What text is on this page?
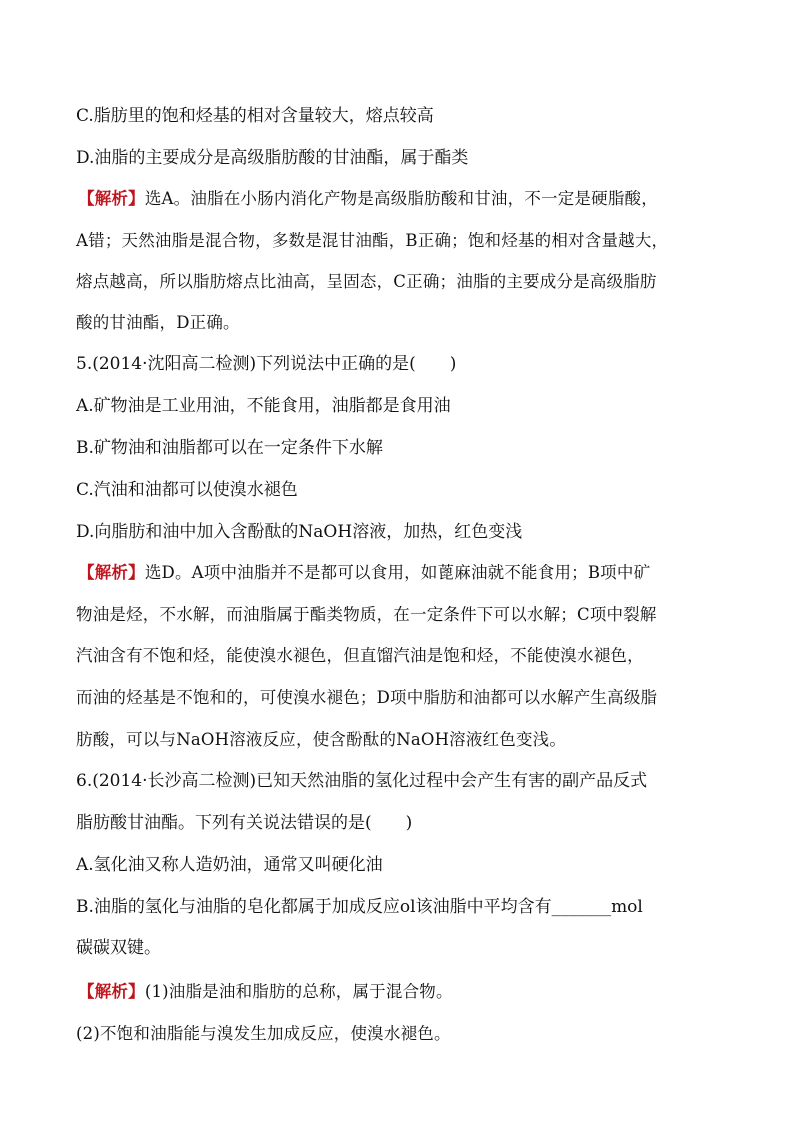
C.脂肪里的饱和烃基的相对含量较大，熔点较高
D.油脂的主要成分是高级脂肪酸的甘油酯，属于酯类
【解析】选A。油脂在小肠内消化产物是高级脂肪酸和甘油，不一定是硬脂酸，
A错；天然油脂是混合物，多数是混甘油酯，B正确；饱和烃基的相对含量越大，
熔点越高，所以脂肪熔点比油高，呈固态，C正确；油脂的主要成分是高级脂肪
酸的甘油酯，D正确。
5.(2014·沈阳高二检测)下列说法中正确的是(　　)
A.矿物油是工业用油，不能食用，油脂都是食用油
B.矿物油和油脂都可以在一定条件下水解
C.汽油和油都可以使溴水褪色
D.向脂肪和油中加入含酚酞的NaOH溶液，加热，红色变浅
【解析】选D。A项中油脂并不是都可以食用，如蓖麻油就不能食用；B项中矿
物油是烃，不水解，而油脂属于酯类物质，在一定条件下可以水解；C项中裂解
汽油含有不饱和烃，能使溴水褪色，但直馏汽油是饱和烃，不能使溴水褪色，
而油的烃基是不饱和的，可使溴水褪色；D项中脂肪和油都可以水解产生高级脂
肪酸，可以与NaOH溶液反应，使含酚酞的NaOH溶液红色变浅。
6.(2014·长沙高二检测)已知天然油脂的氢化过程中会产生有害的副产品反式
脂肪酸甘油酯。下列有关说法错误的是(　　)
A.氢化油又称人造奶油，通常又叫硬化油
B.油脂的氢化与油脂的皂化都属于加成反应ol该油脂中平均含有_______mol
碳碳双键。
【解析】(1)油脂是油和脂肪的总称，属于混合物。
(2)不饱和油脂能与溴发生加成反应，使溴水褪色。
